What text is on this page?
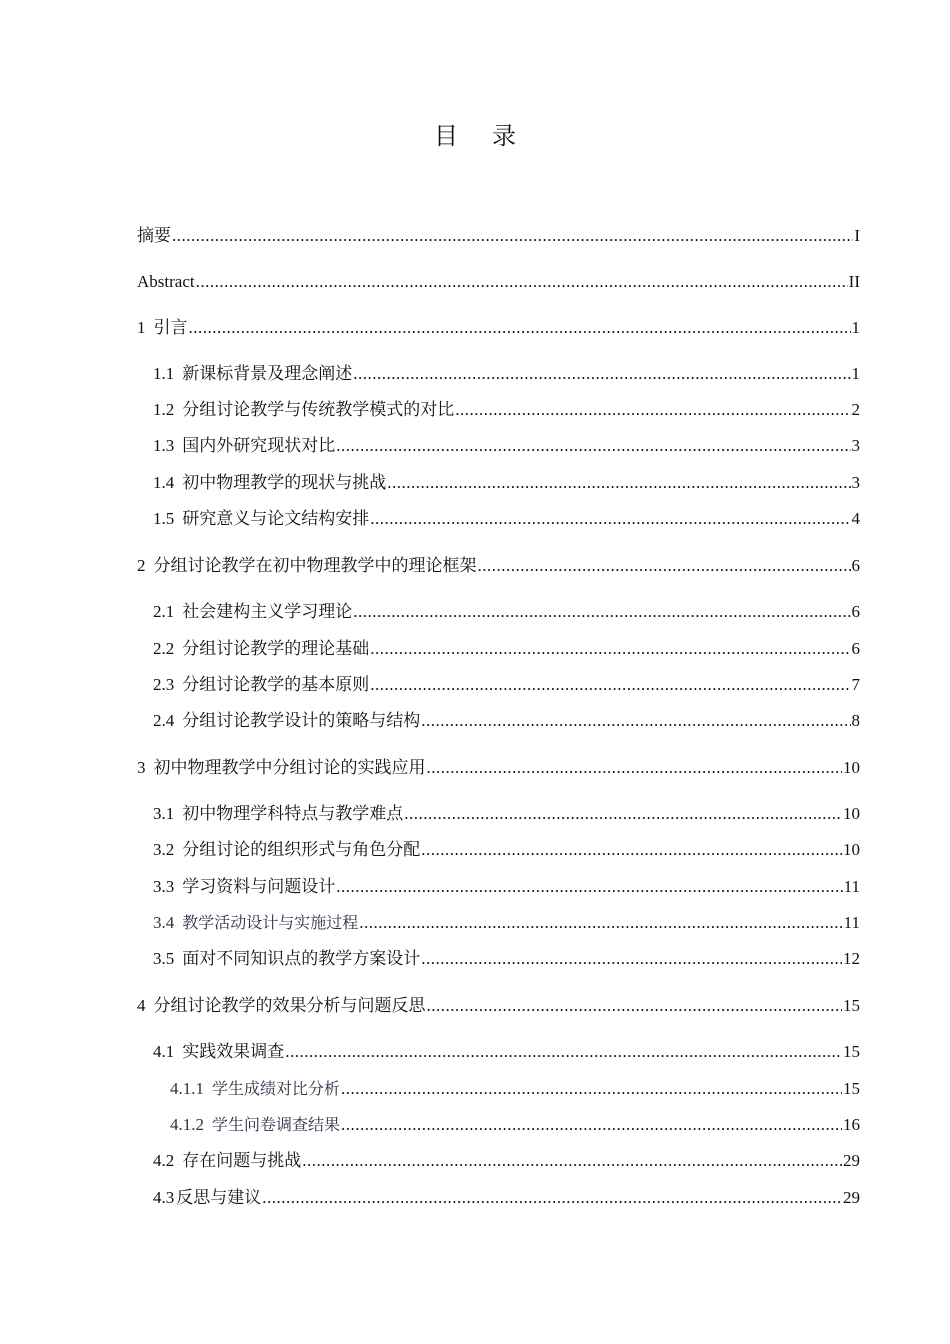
目 录
摘要 .....	I
Abstract .....	II
1 引言 .....	1
1.1 新课标背景及理念阐述 .....	1
1.2 分组讨论教学与传统教学模式的对比 .....	2
1.3 国内外研究现状对比 .....	3
1.4 初中物理教学的现状与挑战 .....	3
1.5 研究意义与论文结构安排 .....	4
2 分组讨论教学在初中物理教学中的理论框架 .....	6
2.1 社会建构主义学习理论 .....	6
2.2 分组讨论教学的理论基础 .....	6
2.3 分组讨论教学的基本原则 .....	7
2.4 分组讨论教学设计的策略与结构 .....	8
3 初中物理教学中分组讨论的实践应用 .....	10
3.1 初中物理学科特点与教学难点 .....	10
3.2 分组讨论的组织形式与角色分配 .....	10
3.3 学习资料与问题设计 .....	11
3.4 教学活动设计与实施过程 .....	11
3.5 面对不同知识点的教学方案设计 .....	12
4 分组讨论教学的效果分析与问题反思 .....	15
4.1 实践效果调查 .....	15
4.1.1 学生成绩对比分析 .....	15
4.1.2 学生问卷调查结果 .....	16
4.2 存在问题与挑战 .....	29
4.3 反思与建议 .....	29
